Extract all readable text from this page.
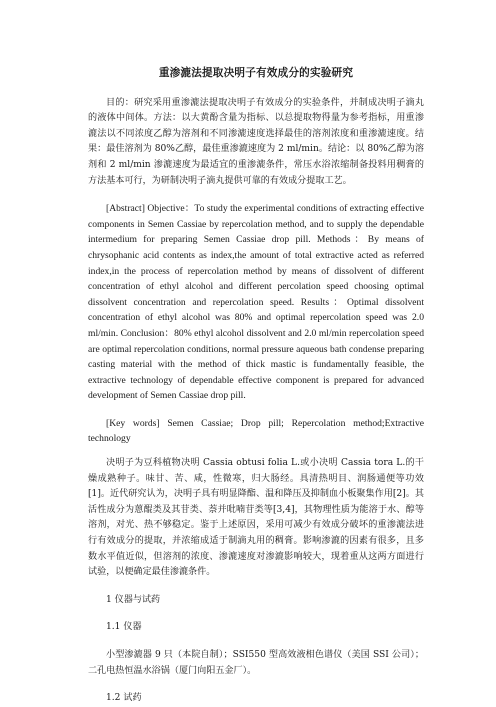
重渗漉法提取决明子有效成分的实验研究

目的：研究采用重渗漉法提取决明子有效成分的实验条件，并制成决明子滴丸的液体中间体。方法：以大黄酚含量为指标、以总提取物得量为参考指标，用重渗漉法以不同浓度乙醇为溶剂和不同渗漉速度选择最佳的溶剂浓度和重渗漉速度。结果：最佳溶剂为 80%乙醇，最佳重渗漉速度为 2 ml/min。结论：以 80%乙醇为溶剂和 2 ml/min 渗漉速度为最适宜的重渗漉条件，常压水浴浓缩制备投料用稠膏的方法基本可行，为研制决明子滴丸提供可靠的有效成分提取工艺。

[Abstract] Objective：To study the experimental conditions of extracting effective components in Semen Cassiae by repercolation method, and to supply the dependable intermedium for preparing Semen Cassiae drop pill. Methods：By means of chrysophanic acid contents as index,the amount of total extractive acted as referred index,in the process of repercolation method by means of dissolvent of different concentration of ethyl alcohol and different percolation speed choosing optimal dissolvent concentration and repercolation speed. Results：Optimal dissolvent concentration of ethyl alcohol was 80% and optimal repercolation speed was 2.0 ml/min. Conclusion：80% ethyl alcohol dissolvent and 2.0 ml/min repercolation speed are optimal repercolation conditions, normal pressure aqueous bath condense preparing casting material with the method of thick mastic is fundamentally feasible, the extractive technology of dependable effective component is prepared for advanced development of Semen Cassiae drop pill.

[Key words] Semen Cassiae; Drop pill; Repercolation method;Extractive technology

决明子为豆科植物决明 Cassia obtusi folia L.或小决明 Cassia tora L.的干燥成熟种子。味甘、苦、咸，性微寒，归大肠经。具清热明目、润肠通便等功效[1]。近代研究认为，决明子具有明显降酯、温和降压及抑制血小板聚集作用[2]。其活性成分为蒽醌类及其苷类、萘并吡喃苷类等[3,4]，其物理性质为能溶于水、醇等溶剂，对光、热不够稳定。鉴于上述原因，采用可减少有效成分破坏的重渗漉法进行有效成分的提取，并浓缩成适于制滴丸用的稠膏。影响渗漉的因素有很多，且多数水平值近似，但溶剂的浓度、渗漉速度对渗漉影响较大，现着重从这两方面进行试验，以便确定最佳渗漉条件。

1 仪器与试药

1.1 仪器

小型渗漉器 9 只（本院自制）；SSI550 型高效液相色谱仪（美国 SSI 公司）；二孔电热恒温水浴锅（厦门向阳五金厂）。

1.2 试药
